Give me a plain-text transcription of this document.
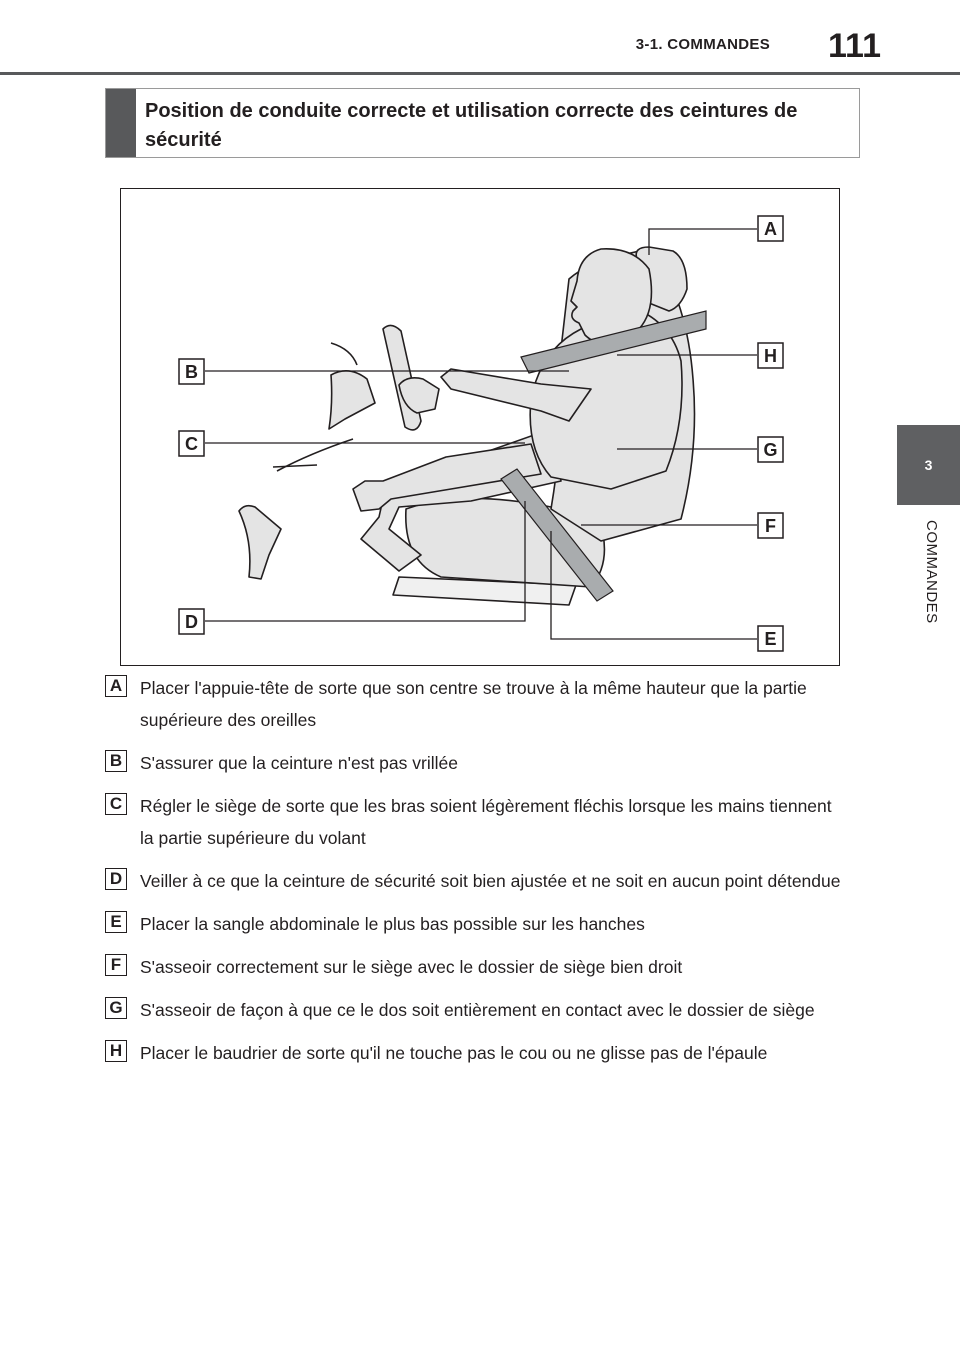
3-1. COMMANDES 111
3
COMMANDES
Position de conduite correcte et utilisation correcte des ceintures de sécurité
A
H
B
C	G
F
D
E
A Placer l'appuie-tête de sorte que son centre se trouve à la même hauteur que la partie supérieure des oreilles
B S'assurer que la ceinture n'est pas vrillée
C Régler le siège de sorte que les bras soient légèrement fléchis lorsque les mains tiennent la partie supérieure du volant
D Veiller à ce que la ceinture de sécurité soit bien ajustée et ne soit en aucun point détendue
E	Placer la sangle abdominale le plus bas possible sur les hanches
F	S'asseoir correctement sur le siège avec le dossier de siège bien droit
G S'asseoir de façon à que ce le dos soit entièrement en contact avec le dossier de siège
H Placer le baudrier de sorte qu'il ne touche pas le cou ou ne glisse pas de l'épaule
